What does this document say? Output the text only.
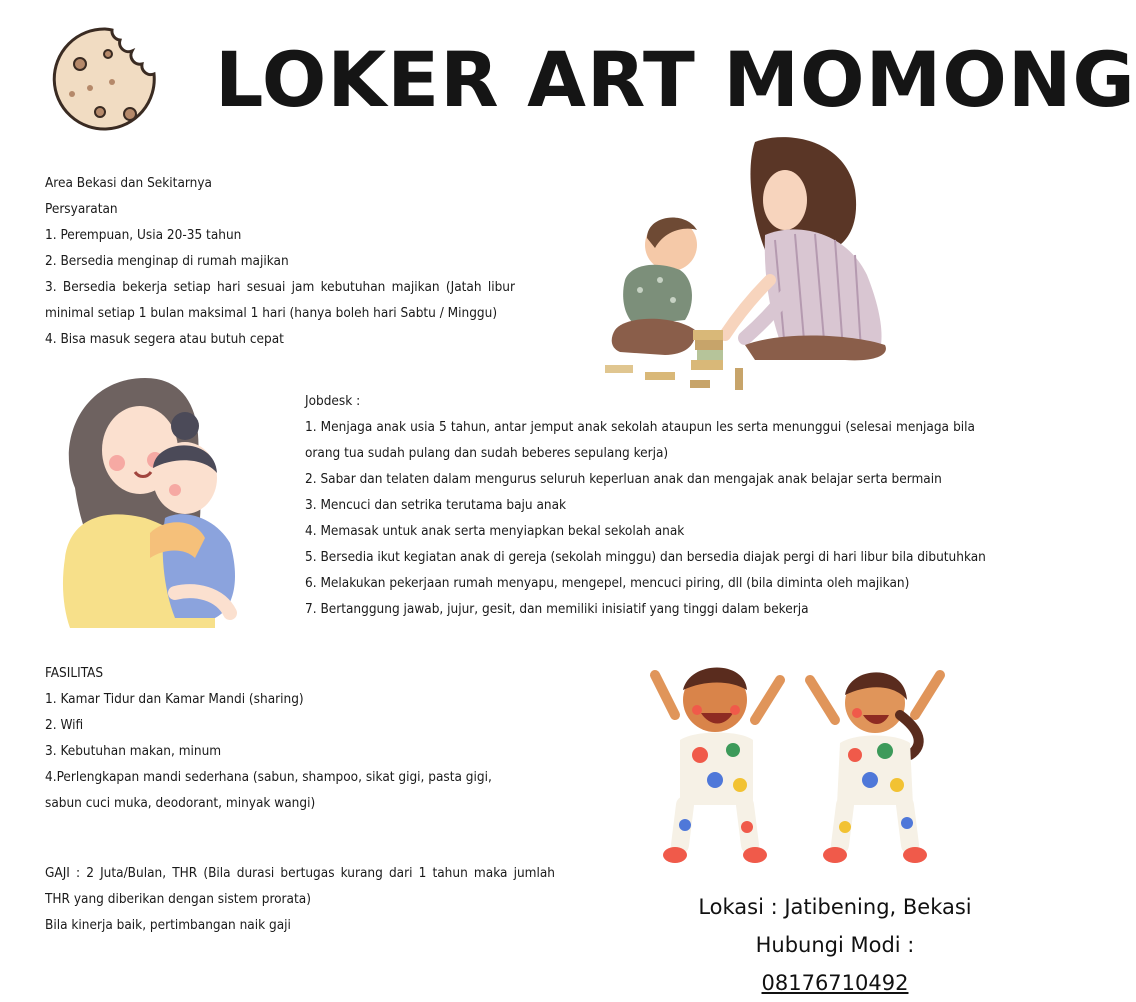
LOKER ART MOMONG
Area Bekasi dan Sekitarnya
Persyaratan
1. Perempuan, Usia 20-35 tahun
2. Bersedia menginap di rumah majikan
3. Bersedia bekerja setiap hari sesuai jam kebutuhan majikan (Jatah libur
minimal setiap 1 bulan maksimal 1 hari (hanya boleh hari Sabtu / Minggu)
4. Bisa masuk segera atau butuh cepat
Jobdesk :
1. Menjaga anak usia 5 tahun, antar jemput anak sekolah ataupun les serta menunggui (selesai menjaga bila
orang tua sudah pulang dan sudah beberes sepulang kerja)
2. Sabar dan telaten dalam mengurus seluruh keperluan anak dan mengajak anak belajar serta bermain
3. Mencuci dan setrika terutama baju anak
4. Memasak untuk anak serta menyiapkan bekal sekolah anak
5. Bersedia ikut kegiatan anak di gereja (sekolah minggu) dan bersedia diajak pergi di hari libur bila dibutuhkan
6. Melakukan pekerjaan rumah menyapu, mengepel, mencuci piring, dll (bila diminta oleh majikan)
7. Bertanggung jawab, jujur, gesit, dan memiliki inisiatif yang tinggi dalam bekerja
FASILITAS
1. Kamar Tidur dan Kamar Mandi (sharing)
2. Wifi
3. Kebutuhan makan, minum
4.Perlengkapan mandi sederhana (sabun, shampoo, sikat gigi, pasta gigi,
sabun cuci muka, deodorant, minyak wangi)
GAJI : 2 Juta/Bulan, THR (Bila durasi bertugas kurang dari 1 tahun maka jumlah
THR yang diberikan dengan sistem prorata)
Bila kinerja baik, pertimbangan naik gaji
Lokasi : Jatibening, Bekasi
Hubungi Modi : 08176710492
